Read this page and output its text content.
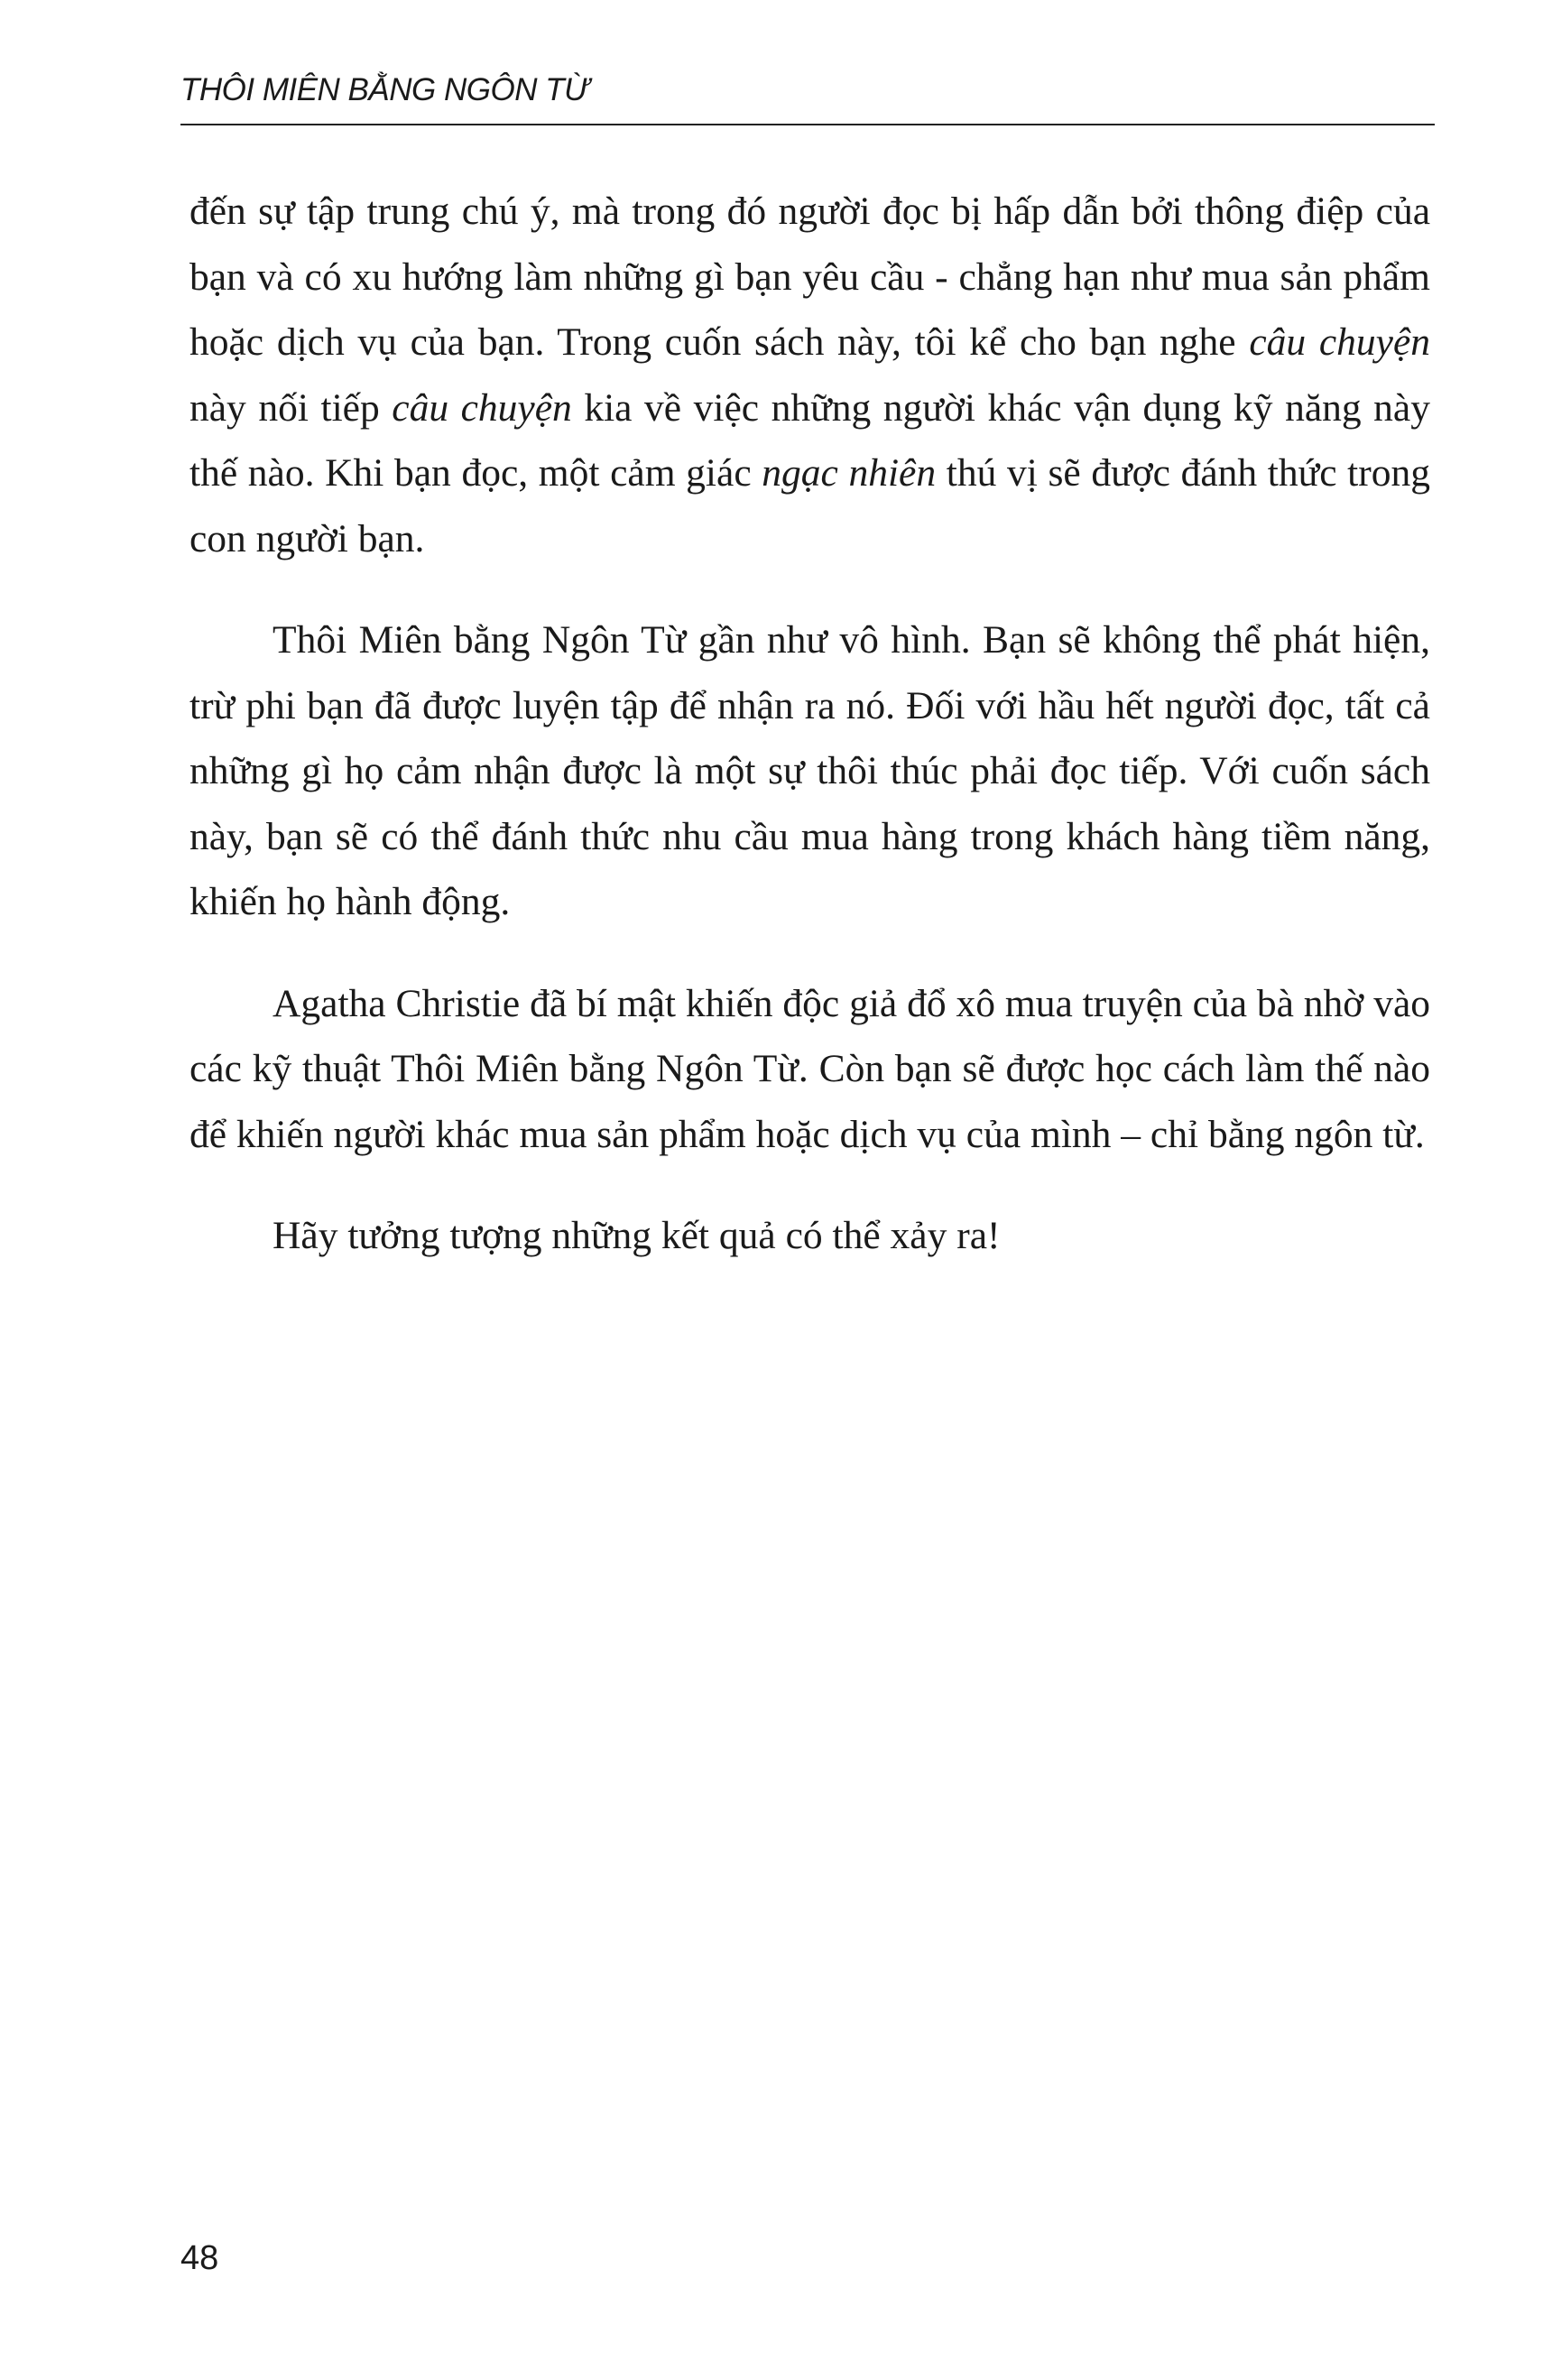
THÔI MIÊN BẰNG NGÔN TỪ

đến sự tập trung chú ý, mà trong đó người đọc bị hấp dẫn bởi thông điệp của bạn và có xu hướng làm những gì bạn yêu cầu - chẳng hạn như mua sản phẩm hoặc dịch vụ của bạn. Trong cuốn sách này, tôi kể cho bạn nghe câu chuyện này nối tiếp câu chuyện kia về việc những người khác vận dụng kỹ năng này thế nào. Khi bạn đọc, một cảm giác ngạc nhiên thú vị sẽ được đánh thức trong con người bạn.

Thôi Miên bằng Ngôn Từ gần như vô hình. Bạn sẽ không thể phát hiện, trừ phi bạn đã được luyện tập để nhận ra nó. Đối với hầu hết người đọc, tất cả những gì họ cảm nhận được là một sự thôi thúc phải đọc tiếp. Với cuốn sách này, bạn sẽ có thể đánh thức nhu cầu mua hàng trong khách hàng tiềm năng, khiến họ hành động.

Agatha Christie đã bí mật khiến độc giả đổ xô mua truyện của bà nhờ vào các kỹ thuật Thôi Miên bằng Ngôn Từ. Còn bạn sẽ được học cách làm thế nào để khiến người khác mua sản phẩm hoặc dịch vụ của mình – chỉ bằng ngôn từ.

Hãy tưởng tượng những kết quả có thể xảy ra!

48
